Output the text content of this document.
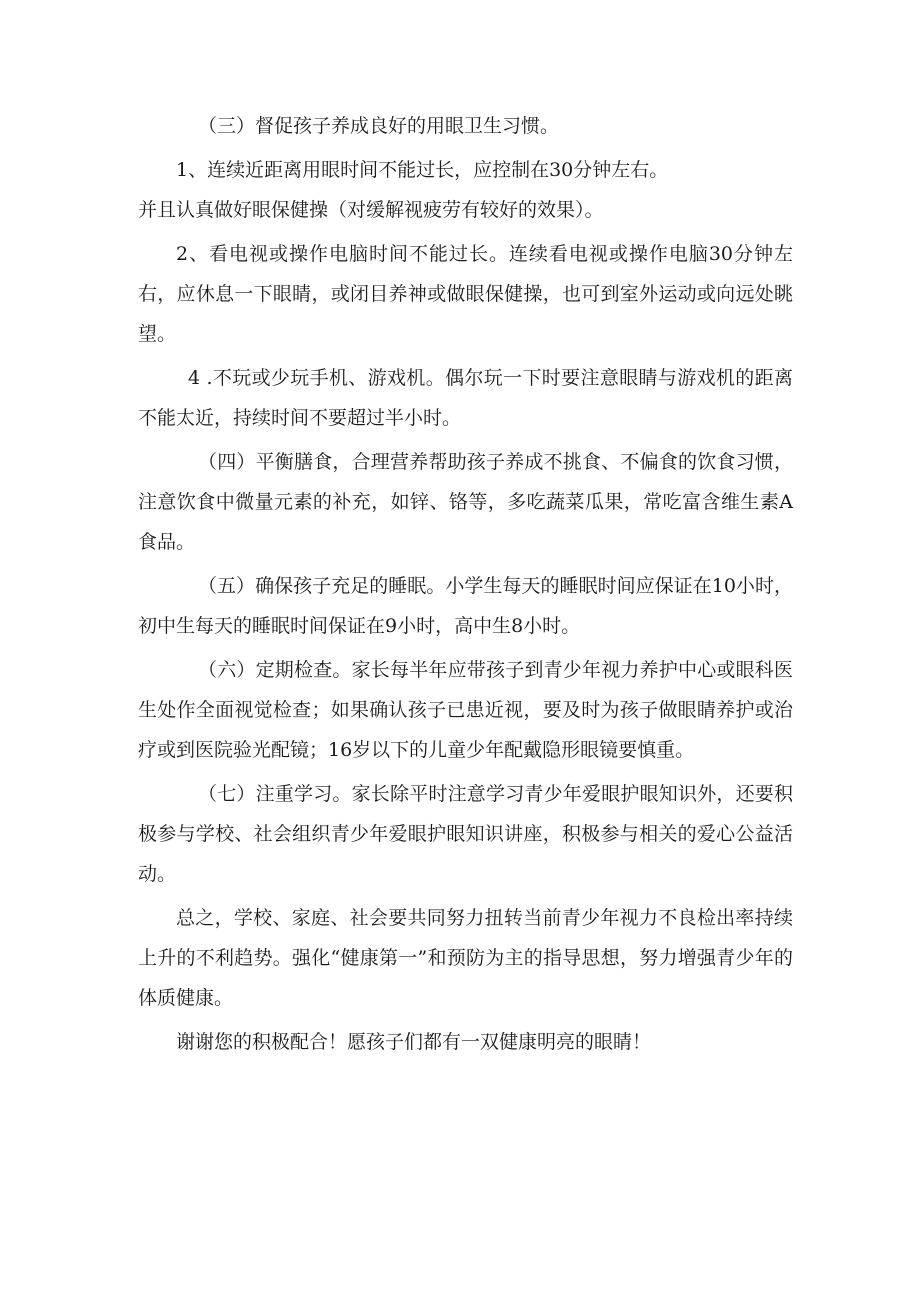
（三）督促孩子养成良好的用眼卫生习惯。

1、连续近距离用眼时间不能过长，应控制在30分钟左右。

并且认真做好眼保健操（对缓解视疲劳有较好的效果）。

2、看电视或操作电脑时间不能过长。连续看电视或操作电脑30分钟左右，应休息一下眼睛，或闭目养神或做眼保健操，也可到室外运动或向远处眺望。

4 .不玩或少玩手机、游戏机。偶尔玩一下时要注意眼睛与游戏机的距离不能太近，持续时间不要超过半小时。

（四）平衡膳食，合理营养帮助孩子养成不挑食、不偏食的饮食习惯，注意饮食中微量元素的补充，如锌、铬等，多吃蔬菜瓜果，常吃富含维生素A食品。

（五）确保孩子充足的睡眠。小学生每天的睡眠时间应保证在10小时，初中生每天的睡眠时间保证在9小时，高中生8小时。

（六）定期检查。家长每半年应带孩子到青少年视力养护中心或眼科医生处作全面视觉检查；如果确认孩子已患近视，要及时为孩子做眼睛养护或治疗或到医院验光配镜；16岁以下的儿童少年配戴隐形眼镜要慎重。

（七）注重学习。家长除平时注意学习青少年爱眼护眼知识外，还要积极参与学校、社会组织青少年爱眼护眼知识讲座，积极参与相关的爱心公益活动。

总之，学校、家庭、社会要共同努力扭转当前青少年视力不良检出率持续上升的不利趋势。强化“健康第一”和预防为主的指导思想，努力增强青少年的体质健康。

谢谢您的积极配合！愿孩子们都有一双健康明亮的眼睛！
